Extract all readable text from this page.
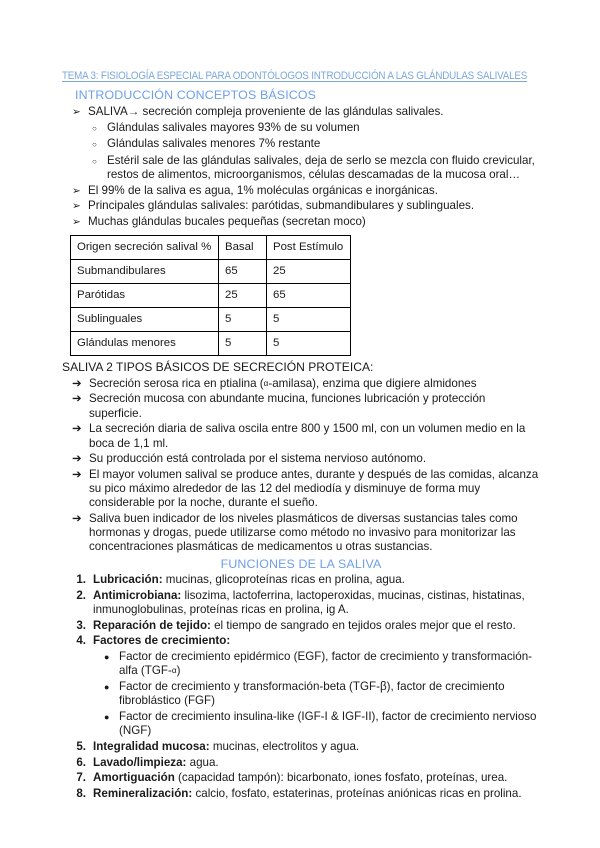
TEMA 3: FISIOLOGÍA ESPECIAL PARA ODONTÓLOGOS INTRODUCCIÓN A LAS GLÁNDULAS SALIVALES
INTRODUCCIÓN CONCEPTOS BÁSICOS
➢ SALIVA→ secreción compleja proveniente de las glándulas salivales.
○ Glándulas salivales mayores 93% de su volumen
○ Glándulas salivales menores 7% restante
○ Estéril sale de las glándulas salivales, deja de serlo se mezcla con fluido crevicular, restos de alimentos, microorganismos, células descamadas de la mucosa oral…
➢ El 99% de la saliva es agua, 1% moléculas orgánicas e inorgánicas.
➢ Principales glándulas salivales: parótidas, submandibulares y sublinguales.
➢ Muchas glándulas bucales pequeñas (secretan moco)
Origen secreción salival %	Basal	Post Estímulo
Submandibulares	65	25
Parótidas	25	65
Sublinguales	5	5
Glándulas menores	5	5
SALIVA 2 TIPOS BÁSICOS DE SECRECIÓN PROTEICA:
➔ Secreción serosa rica en ptialina (α-amilasa), enzima que digiere almidones
➔ Secreción mucosa con abundante mucina, funciones lubricación y protección superficie.
➔ La secreción diaria de saliva oscila entre 800 y 1500 ml, con un volumen medio en la boca de 1,1 ml.
➔ Su producción está controlada por el sistema nervioso autónomo.
➔ El mayor volumen salival se produce antes, durante y después de las comidas, alcanza su pico máximo alrededor de las 12 del mediodía y disminuye de forma muy considerable por la noche, durante el sueño.
➔ Saliva buen indicador de los niveles plasmáticos de diversas sustancias tales como hormonas y drogas, puede utilizarse como método no invasivo para monitorizar las concentraciones plasmáticas de medicamentos u otras sustancias.
FUNCIONES DE LA SALIVA
1. Lubricación: mucinas, glicoproteínas ricas en prolina, agua.
2. Antimicrobiana: lisozima, lactoferrina, lactoperoxidas, mucinas, cistinas, histatinas, inmunoglobulinas, proteínas ricas en prolina, ig A.
3. Reparación de tejido: el tiempo de sangrado en tejidos orales mejor que el resto.
4. Factores de crecimiento:
● Factor de crecimiento epidérmico (EGF), factor de crecimiento y transformación-alfa (TGF-α)
● Factor de crecimiento y transformación-beta (TGF-β), factor de crecimiento fibroblástico (FGF)
● Factor de crecimiento insulina-like (IGF-I & IGF-II), factor de crecimiento nervioso (NGF)
5. Integralidad mucosa: mucinas, electrolitos y agua.
6. Lavado/limpieza: agua.
7. Amortiguación (capacidad tampón): bicarbonato, iones fosfato, proteínas, urea.
8. Remineralización: calcio, fosfato, estaterinas, proteínas aniónicas ricas en prolina.
